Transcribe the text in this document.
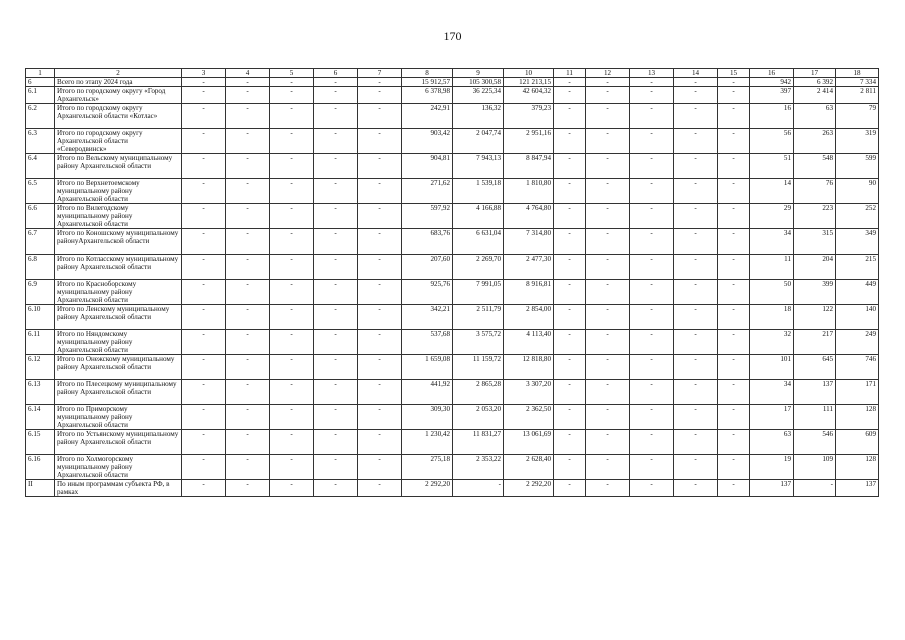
170
1	2	3	4	5	6	7	8	9	10	11	12	13	14	15	16	17	18
6	Всего по этапу 2024 года	-	-	-	-	-	15 912,57	105 300,58	121 213,15	-	-	-	-	-	942	6 392	7 334
6.1	Итого по городскому округу «Город Архангельск»	-	-	-	-	-	6 378,98	36 225,34	42 604,32	-	-	-	-	-	397	2 414	2 811
6.2	Итого по городскому округу Архангельской области «Котлас»	-	-	-	-	-	242,91	136,32	379,23	-	-	-	-	-	16	63	79
6.3	Итого по городскому округу Архангельской области «Северодвинск»	-	-	-	-	-	903,42	2 047,74	2 951,16	-	-	-	-	-	56	263	319
6.4	Итого по Вельскому муниципальному району Архангельской области	-	-	-	-	-	904,81	7 943,13	8 847,94	-	-	-	-	-	51	548	599
6.5	Итого по Верхнетоемскому муниципальному району Архангельской области	-	-	-	-	-	271,62	1 539,18	1 810,80	-	-	-	-	-	14	76	90
6.6	Итого по Вилегодскому муниципальному району Архангельской области	-	-	-	-	-	597,92	4 166,88	4 764,80	-	-	-	-	-	29	223	252
6.7	Итого по Коношскому муниципальному районуАрхангельской области	-	-	-	-	-	683,76	6 631,04	7 314,80	-	-	-	-	-	34	315	349
6.8	Итого по Котласскому муниципальному району Архангельской области	-	-	-	-	-	207,60	2 269,70	2 477,30	-	-	-	-	-	11	204	215
6.9	Итого по Красноборскому муниципальному району Архангельской области	-	-	-	-	-	925,76	7 991,05	8 916,81	-	-	-	-	-	50	399	449
6.10	Итого по Ленскому муниципальному району Архангельской области	-	-	-	-	-	342,21	2 511,79	2 854,00	-	-	-	-	-	18	122	140
6.11	Итого по Няндомскому муниципальному району Архангельской области	-	-	-	-	-	537,68	3 575,72	4 113,40	-	-	-	-	-	32	217	249
6.12	Итого по Онежскому муниципальному району Архангельской области	-	-	-	-	-	1 659,08	11 159,72	12 818,80	-	-	-	-	-	101	645	746
6.13	Итого по Плесецкому муниципальному району Архангельской области	-	-	-	-	-	441,92	2 865,28	3 307,20	-	-	-	-	-	34	137	171
6.14	Итого по Приморскому муниципальному району Архангельской области	-	-	-	-	-	309,30	2 053,20	2 362,50	-	-	-	-	-	17	111	128
6.15	Итого по Устьянскому муниципальному району Архангельской области	-	-	-	-	-	1 230,42	11 831,27	13 061,69	-	-	-	-	-	63	546	609
6.16	Итого по Холмогорскому муниципальному району Архангельской области	-	-	-	-	-	275,18	2 353,22	2 628,40	-	-	-	-	-	19	109	128
II	По иным программам субъекта РФ, в рамках	-	-	-	-	-	2 292,20	-	2 292,20	-	-	-	-	-	137	-	137
